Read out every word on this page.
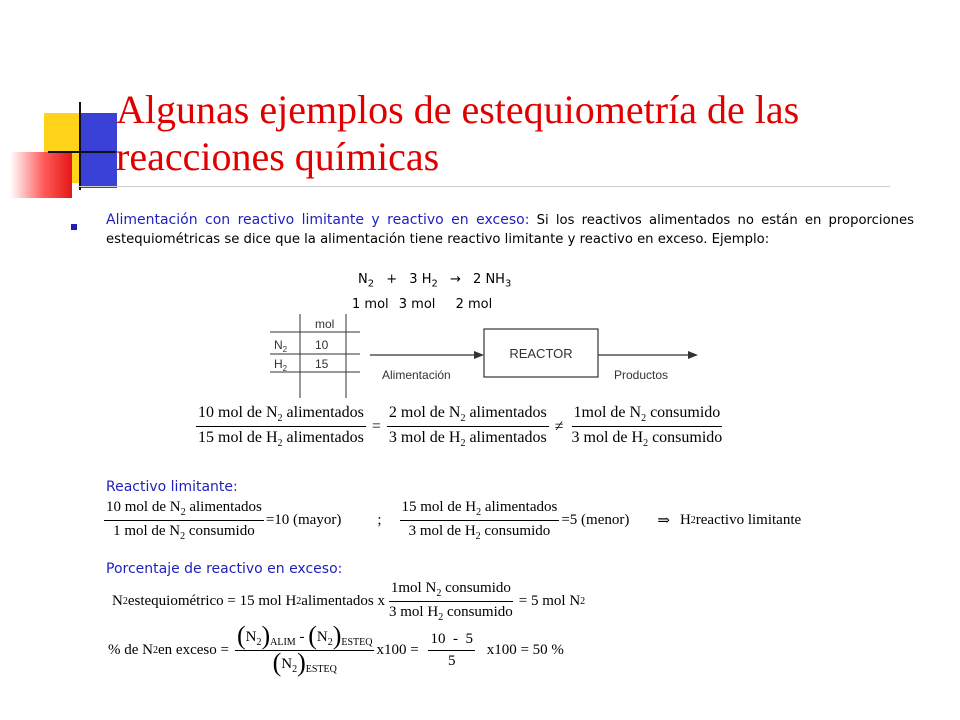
Algunas ejemplos de estequiometría de las
reacciones químicas
Alimentación con reactivo limitante y reactivo en exceso: Si los reactivos alimentados no están en proporciones estequiométricas se dice que la alimentación tiene reactivo limitante y reactivo en exceso. Ejemplo:
$N_2 + 3$ $H_2 \to 2$ $NH_3$
1 mol 3 mol 2 mol
mol
$N_2$ 10
$H_2$ 15
REACTOR
Alimentación	Productos
$\frac{10 mol de N_2 alimentados}{15 mol de H_2 alimentados} = \frac{2 mol de N_2 alimentados}{3 mol de H_2 alimentados} \ne \frac{1mol de N_2 consumido}{3 mol de H_2 consumido}$
Reactivo limitante:
$\frac{10 mol de N_2 alimentados}{1 mol de N_2 consumido} =10$ (mayor) ; $\frac{15 mol de H_2 alimentados}{3 mol de H_2 consumido} =5$ (menor) ⇒ H 2 reactivo limitante
Porcentaje de reactivo en exceso:
N 2 estequiométrico = 15 mol H 2 alimentados x $\frac{1mol N_2 consumido}{3 mol H_2 consumido} = 5$ mol N 2
% de N 2 en exceso = $\frac{(N_2)_{ALIM} - (N_2)_{ESTEQ}}{(N_2)_{ESTEQ}} x100 = \frac{10 - 5}{5} x100 = 50$ %
